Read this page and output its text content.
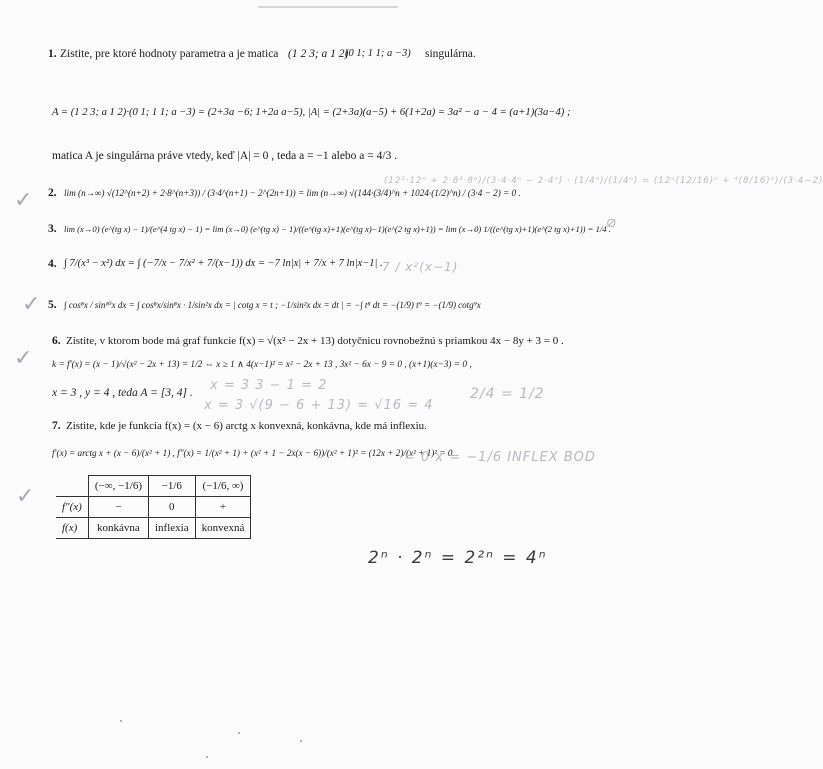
1. Zistite, pre ktoré hodnoty parametra a je matica (1 2 3; a 1 2)
(0 1; 1 1; a −3) singulárna.
A = (1 2 3; a 1 2)·(0 1; 1 1; a −3) = (2+3a −6; 1+2a a−5), |A| = (2+3a)(a−5) + 6(1+2a) = 3a² − a − 4 = (a+1)(3a−4) ;
matica A je singulárna práve vtedy, keď |A| = 0 , teda a = −1 alebo a = 4/3 .
✓ 2. lim (n→∞) √(12^(n+2) + 2·8^(n+3)) / (3·4^(n+1) − 2^(2n+1)) = lim (n→∞) √(144·(3/4)^n + 1024·(1/2)^n) / (3·4 − 2) = 0 .
3. lim (x→0) (e^(tg x) − 1)/(e^(4 tg x) − 1) = lim (x→0) (e^(tg x) − 1)/((e^(tg x)+1)(e^(tg x)−1)(e^(2 tg x)+1)) = lim (x→0) 1/((e^(tg x)+1)(e^(2 tg x)+1)) = 1/4 .
4. ∫ 7/(x³ − x²) dx = ∫ (−7/x − 7/x² + 7/(x−1)) dx = −7 ln|x| + 7/x + 7 ln|x−1| .
✓ 5. ∫ cos⁸x / sin¹⁰x dx = ∫ cos⁸x/sin⁸x · 1/sin²x dx = | cotg x = t ; −1/sin²x dx = dt | = −∫ t⁸ dt = −(1/9) t⁹ = −(1/9) cotg⁹x
6. Zistite, v ktorom bode má graf funkcie f(x) = √(x² − 2x + 13) dotyčnicu rovnobežnú s priamkou 4x − 8y + 3 = 0 .
✓ k = f′(x) = (x − 1)/√(x² − 2x + 13) = 1/2 ⇔ x ≥ 1 ∧ 4(x−1)² = x² − 2x + 13 , 3x² − 6x − 9 = 0 , (x+1)(x−3) = 0 ,
x = 3 , y = 4 , teda A = [3, 4] .
7. Zistite, kde je funkcia f(x) = (x − 6) arctg x konvexná, konkávna, kde má inflexiu.
f′(x) = arctg x + (x − 6)/(x² + 1) , f″(x) = 1/(x² + 1) + (x² + 1 − 2x(x − 6))/(x² + 1)² = (12x + 2)/(x² + 1)² = 0
✓
		(−∞, −1/6)	−1/6	(−1/6, ∞)
f″(x)	−	0	+
f(x)	konkávna	inflexia	konvexná
(12²·12ⁿ + 2·8³·8ⁿ)/(3·4·4ⁿ − 2·4ⁿ) · (1/4ⁿ)/(1/4ⁿ) = (12ⁿ(12/16)ⁿ + ⁴(8/16)ⁿ)/(3·4−2)
⌀
7 / x²(x−1)
x = 3 3 − 1 = 2
x = 3 √(9 − 6 + 13) = √16 = 4
2/4 = 1/2
= 0 x = −1/6 INFLEX BOD
2ⁿ · 2ⁿ = 2²ⁿ = 4ⁿ
